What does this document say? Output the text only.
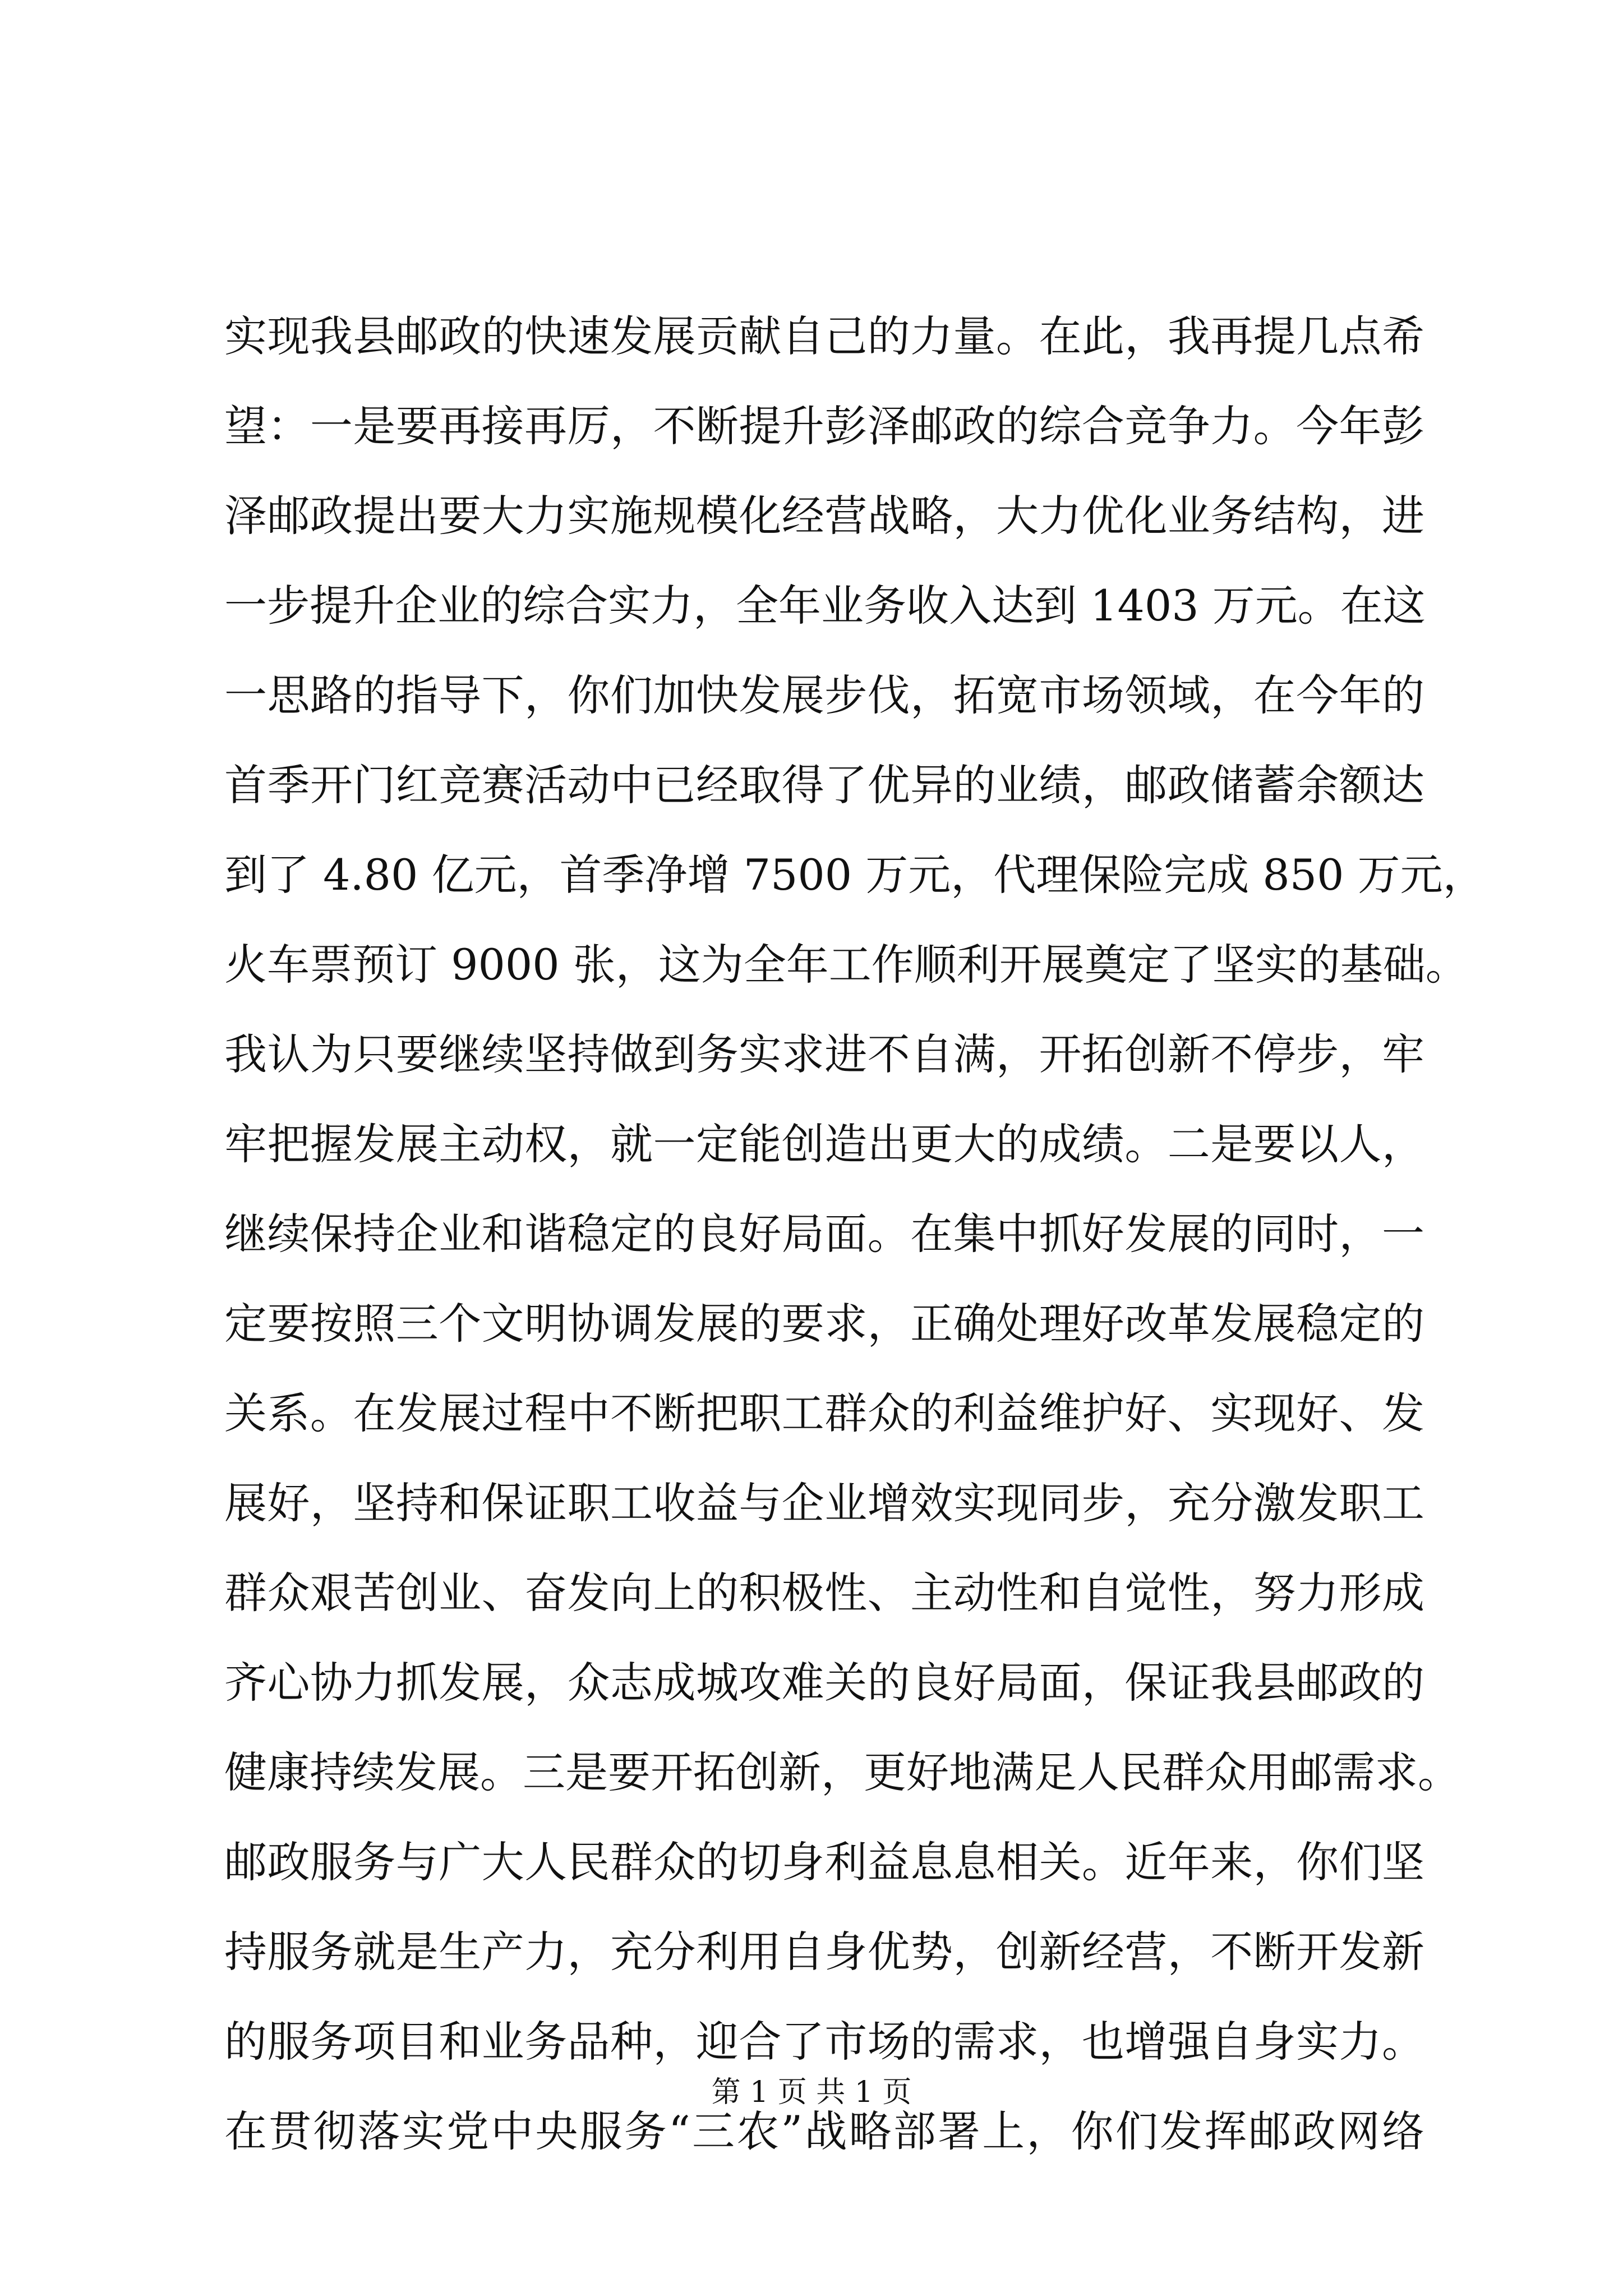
实现我县邮政的快速发展贡献自己的力量。在此，我再提几点希
望：一是要再接再厉，不断提升彭泽邮政的综合竞争力。今年彭
泽邮政提出要大力实施规模化经营战略，大力优化业务结构，进
一步提升企业的综合实力，全年业务收入达到 1403 万元。在这
一思路的指导下，你们加快发展步伐，拓宽市场领域，在今年的
首季开门红竞赛活动中已经取得了优异的业绩，邮政储蓄余额达
到了 4.80 亿元，首季净增 7500 万元，代理保险完成 850 万元，
火车票预订 9000 张，这为全年工作顺利开展奠定了坚实的基础。
我认为只要继续坚持做到务实求进不自满，开拓创新不停步，牢
牢把握发展主动权，就一定能创造出更大的成绩。二是要以人，
继续保持企业和谐稳定的良好局面。在集中抓好发展的同时，一
定要按照三个文明协调发展的要求，正确处理好改革发展稳定的
关系。在发展过程中不断把职工群众的利益维护好、实现好、发
展好，坚持和保证职工收益与企业增效实现同步，充分激发职工
群众艰苦创业、奋发向上的积极性、主动性和自觉性，努力形成
齐心协力抓发展，众志成城攻难关的良好局面，保证我县邮政的
健康持续发展。三是要开拓创新，更好地满足人民群众用邮需求。
邮政服务与广大人民群众的切身利益息息相关。近年来，你们坚
持服务就是生产力，充分利用自身优势，创新经营，不断开发新
的服务项目和业务品种，迎合了市场的需求，也增强自身实力。
在贯彻落实党中央服务“三农”战略部署上，你们发挥邮政网络
第 1 页 共 1 页
